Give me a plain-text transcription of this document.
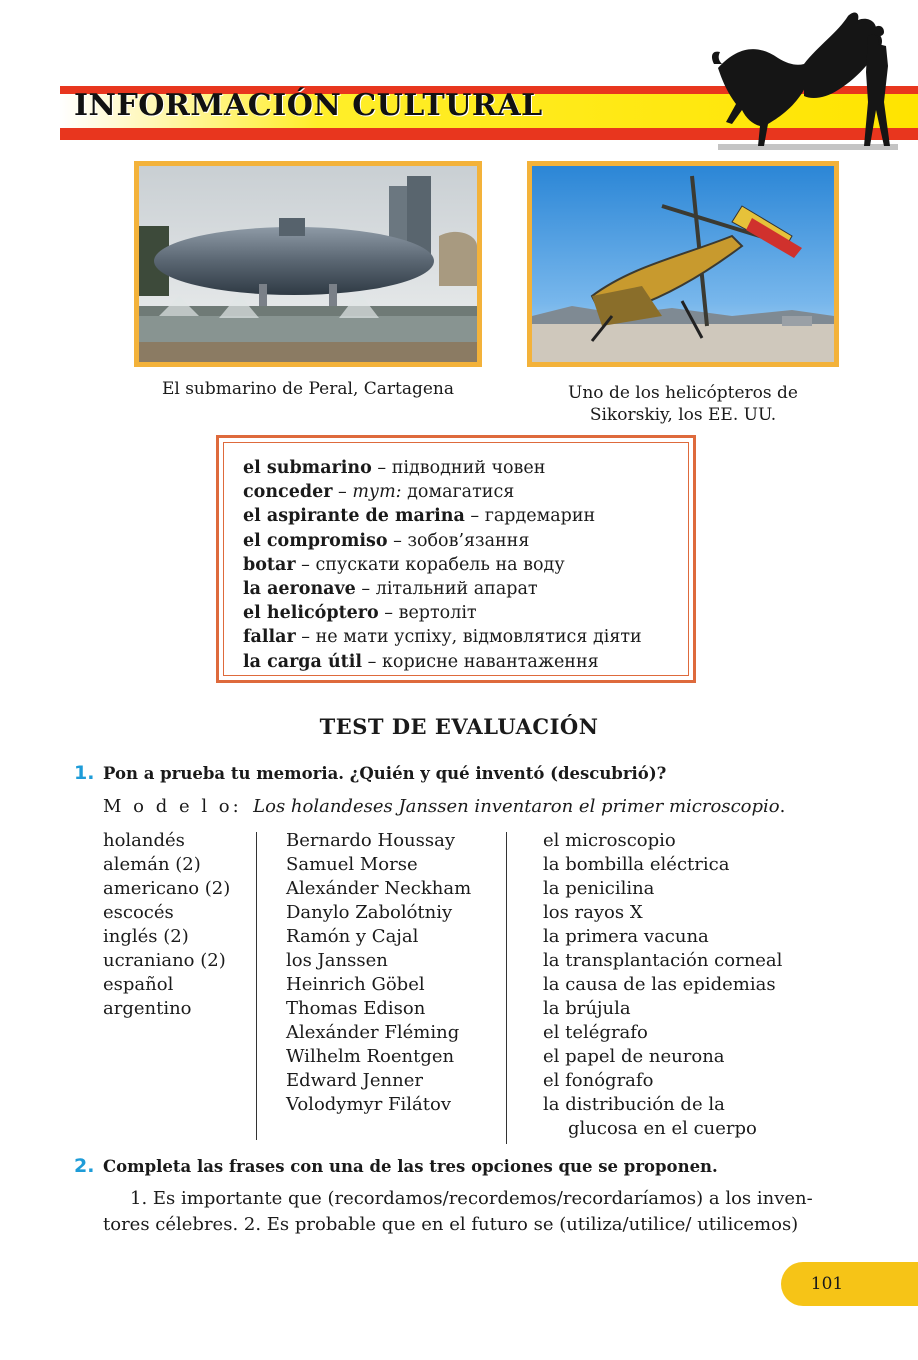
INFORMACIÓN CULTURAL
El submarino de Peral, Cartagena	Uno de los helicópteros de
Sikorskiy, los EE. UU.
el submarino – підводний човен
conceder – тут: домагатися
el aspirante de marina – гардемарин
el compromiso – зобов’язання
botar – спускати корабель на воду
la aeronave – літальний апарат
el helicóptero – вертоліт
fallar – не мати успіху, відмовлятися діяти
la carga útil – корисне навантаження
TEST DE EVALUACIÓN
1. Pon a prueba tu memoria. ¿Quién y qué inventó (descubrió)?
M o d e l o: Los holandeses Janssen inventaron el primer microscopio.
holandés
alemán (2)
americano (2)
escocés
inglés (2)
ucraniano (2)
español
argentino
Bernardo Houssay
Samuel Morse
Alexánder Neckham
Danylo Zabolótniy
Ramón y Cajal
los Janssen
Heinrich Göbel
Thomas Edison
Alexánder Fléming
Wilhelm Roentgen
Edward Jenner
Volodymyr Filátov
el microscopio
la bombilla eléctrica
la penicilina
los rayos X
la primera vacuna
la transplantación corneal
la causa de las epidemias
la brújula
el telégrafo
el papel de neurona
el fonógrafo
la distribución de la
glucosa en el cuerpo
2. Completa las frases con una de las tres opciones que se proponen.
1. Es importante que (recordamos/recordemos/recordaríamos) a los inven-
tores célebres. 2. Es probable que en el futuro se (utiliza/utilice/ utilicemos)
101
